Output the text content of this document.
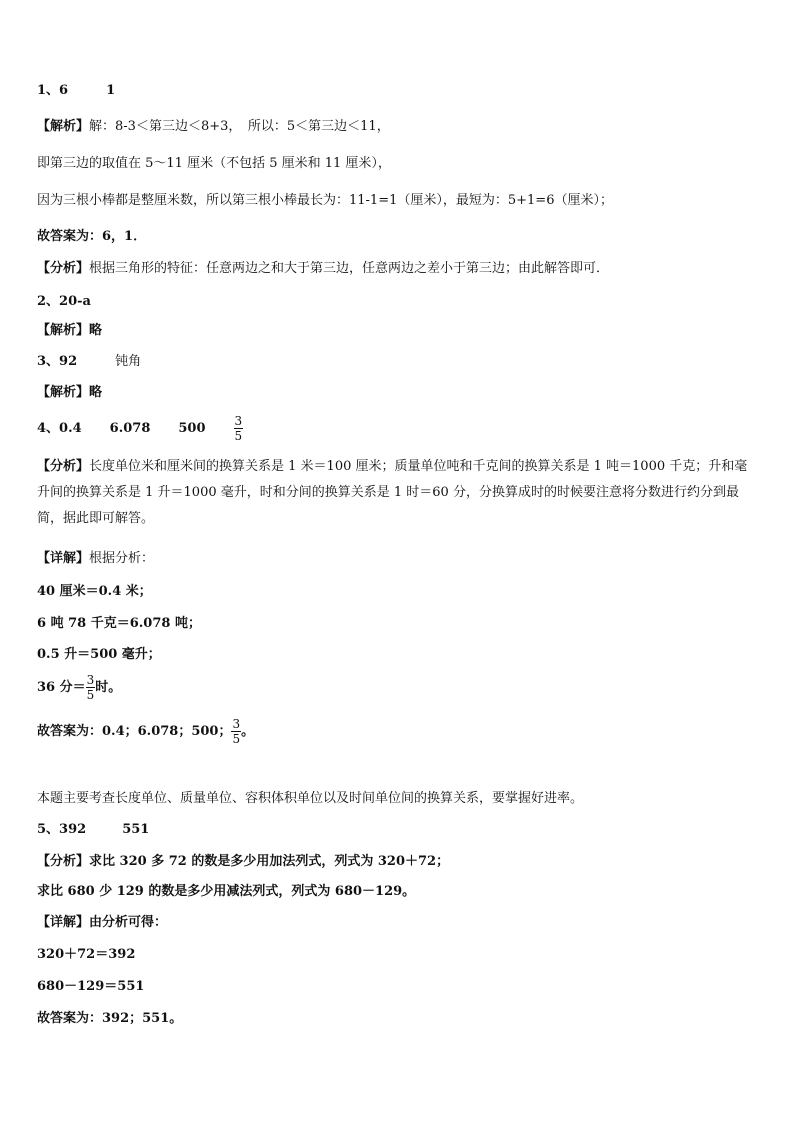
1、6	1
【解析】解：8-3＜第三边＜8+3，　所以：5＜第三边＜11，
即第三边的取值在 5～11 厘米（不包括 5 厘米和 11 厘米），
因为三根小棒都是整厘米数，所以第三根小棒最长为：11-1=1（厘米），最短为：5+1=6（厘米）；
故答案为：6，1．
【分析】根据三角形的特征：任意两边之和大于第三边，任意两边之差小于第三边；由此解答即可．
2、20-a
【解析】略
3、92	钝角
【解析】略
4、0.4 6.078 $500 \frac{3}{5}$
【分析】长度单位米和厘米间的换算关系是 1 米＝100 厘米；质量单位吨和千克间的换算关系是 1 吨＝1000 千克；升和毫升间的换算关系是 1 升＝1000 毫升，时和分间的换算关系是 1 时＝60 分，分换算成时的时候要注意将分数进行约分到最简，据此即可解答。
【详解】根据分析：
40 厘米＝0.4 米；
6 吨 78 千克＝6.078 吨；
0.5 升＝500 毫升；
36 分＝ $\frac{3}{5}$ 时。
故答案为：0.4；6.078；500； $\frac{3}{5}$ 。
本题主要考查长度单位、质量单位、容积体积单位以及时间单位间的换算关系，要掌握好进率。
5、392	551
【分析】求比 320 多 72 的数是多少用加法列式，列式为 320＋72；
求比 680 少 129 的数是多少用减法列式，列式为 680－129。
【详解】由分析可得：
320＋72＝392
680－129＝551
故答案为：392；551。
